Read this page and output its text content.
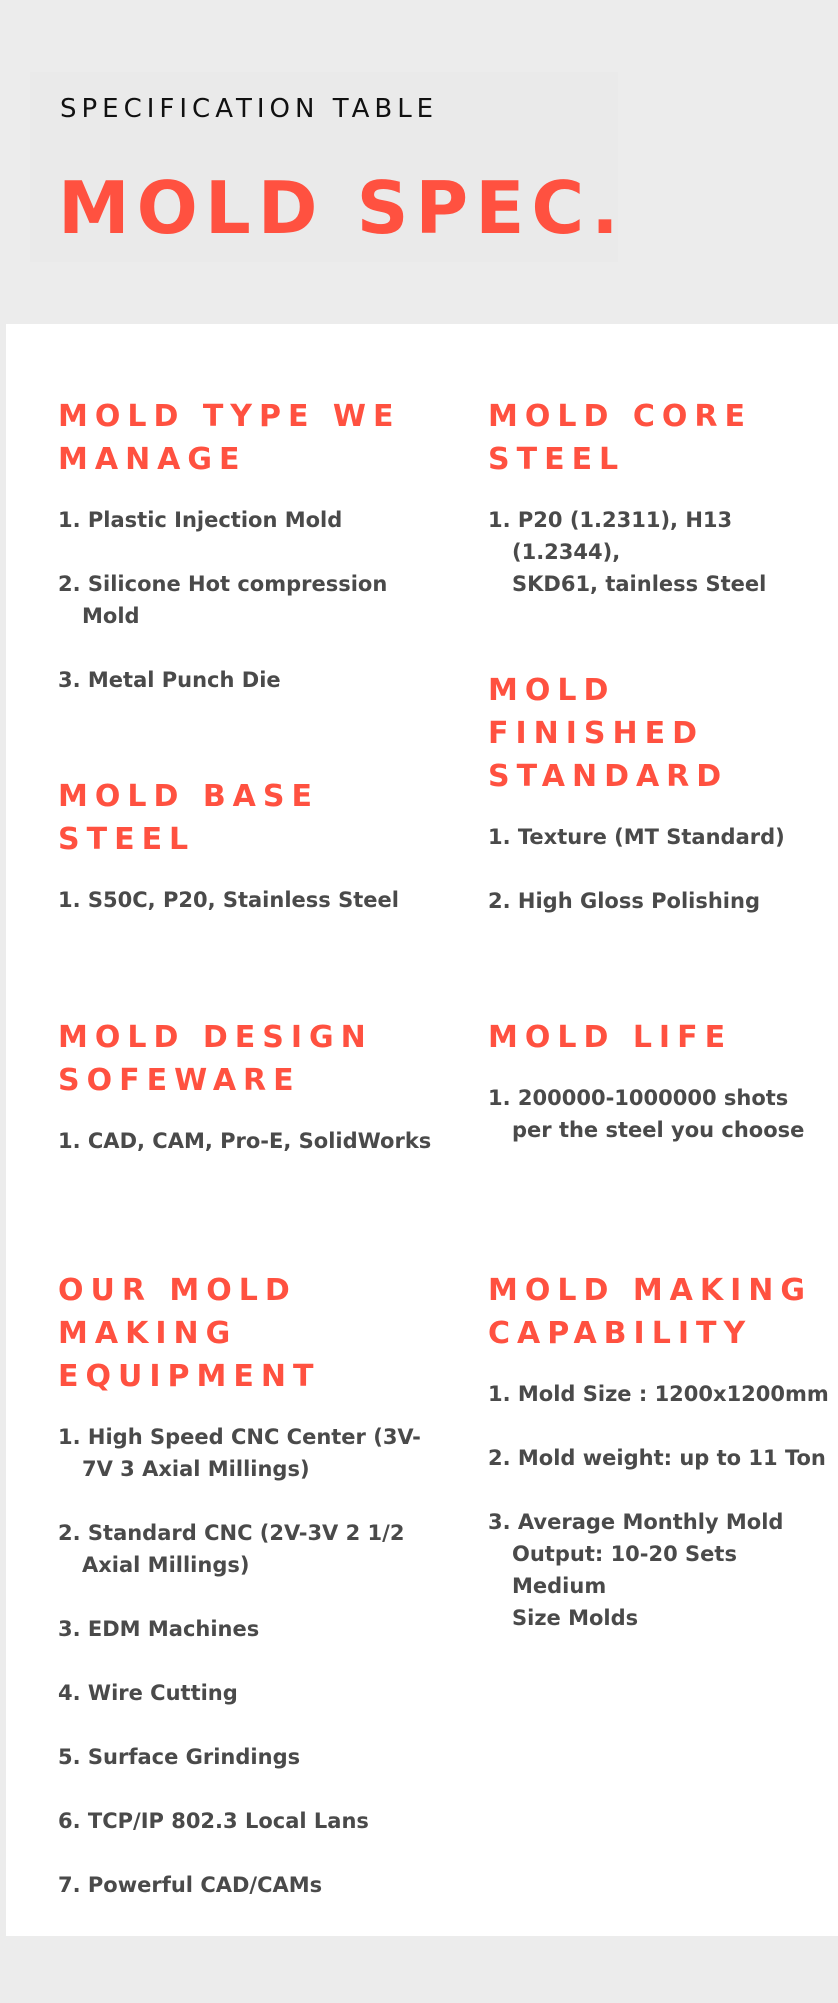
SPECIFICATION TABLE
MOLD SPEC.
MOLD TYPE WE
MANAGE
1. Plastic Injection Mold
2. Silicone Hot compression
Mold
3. Metal Punch Die
MOLD CORE
STEEL
1. P20 (1.2311), H13 (1.2344),
SKD61, tainless Steel
MOLD
FINISHED
STANDARD
1. Texture (MT Standard)
2. High Gloss Polishing
MOLD BASE
STEEL
1. S50C, P20, Stainless Steel
MOLD DESIGN
SOFEWARE
1. CAD, CAM, Pro-E, SolidWorks
MOLD LIFE
1. 200000-1000000 shots
per the steel you choose
OUR MOLD
MAKING
EQUIPMENT
1. High Speed CNC Center (3V-
7V 3 Axial Millings)
2. Standard CNC (2V-3V 2 1/2
Axial Millings)
3. EDM Machines
4. Wire Cutting
5. Surface Grindings
6. TCP/IP 802.3 Local Lans
7. Powerful CAD/CAMs
MOLD MAKING
CAPABILITY
1. Mold Size : 1200x1200mm
2. Mold weight: up to 11 Ton
3. Average Monthly Mold
Output: 10-20 Sets Medium
Size Molds
